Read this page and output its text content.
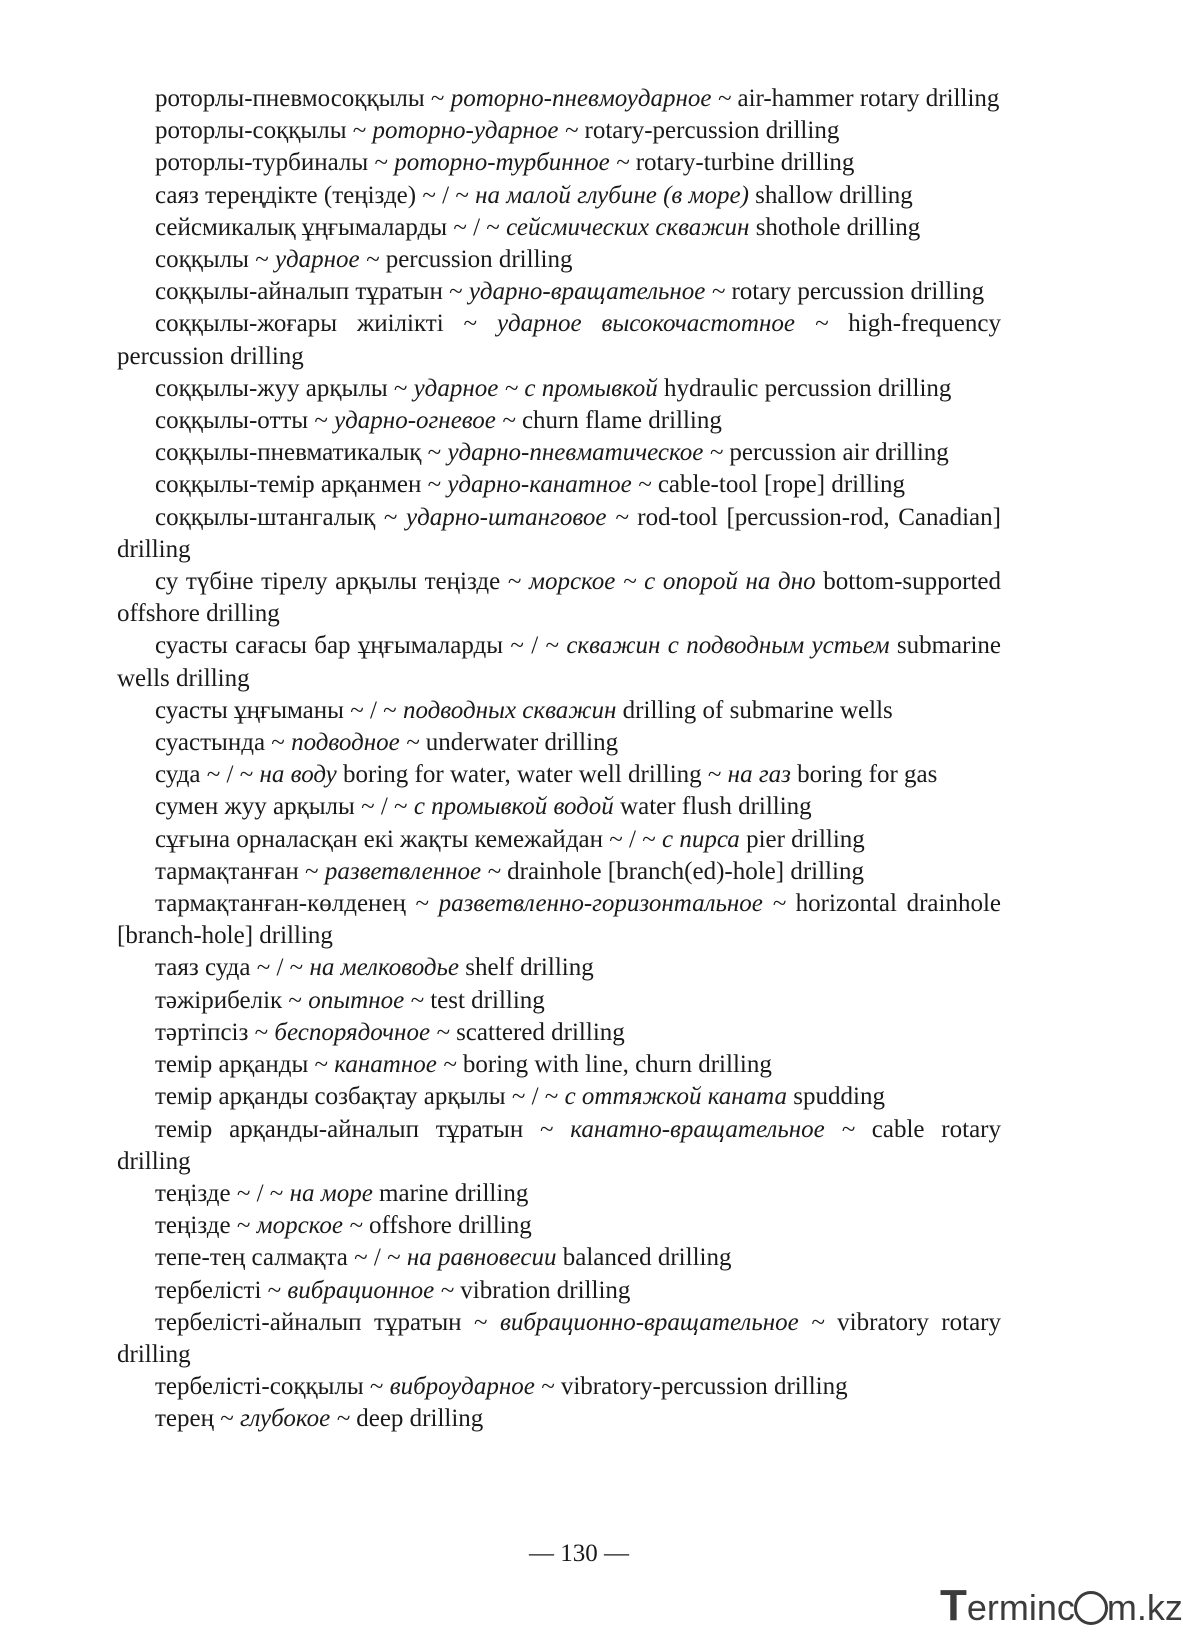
роторлы-пневмосоққылы ~ роторно-пневмоударное ~ air-hammer rotary drilling

роторлы-соққылы ~ роторно-ударное ~ rotary-percussion drilling

роторлы-турбиналы ~ роторно-турбинное ~ rotary-turbine drilling

саяз тереңдікте (теңізде) ~ / ~ на малой глубине (в море) shallow drilling

сейсмикалық ұңғымаларды ~ / ~ сейсмических скважин shothole drilling

соққылы ~ ударное ~ percussion drilling

соққылы-айналып тұратын ~ ударно-вращательное ~ rotary percussion drilling

соққылы-жоғары жиілікті ~ ударное высокочастотное ~ high-frequency percussion drilling

соққылы-жуу арқылы ~ ударное ~ с промывкой hydraulic percussion drilling

соққылы-отты ~ ударно-огневое ~ churn flame drilling

соққылы-пневматикалық ~ ударно-пневматическое ~ percussion air drilling

соққылы-темір арқанмен ~ ударно-канатное ~ cable-tool [rope] drilling

соққылы-штангалық ~ ударно-штанговое ~ rod-tool [percussion-rod, Canadian] drilling

су түбіне тірелу арқылы теңізде ~ морское ~ с опорой на дно bottom-supported offshore drilling

суасты сағасы бар ұңғымаларды ~ / ~ скважин с подводным устьем submarine wells drilling

суасты ұңғыманы ~ / ~ подводных скважин drilling of submarine wells

суастында ~ подводное ~ underwater drilling

суда ~ / ~ на воду boring for water, water well drilling ~ на газ boring for gas

сумен жуу арқылы ~ / ~ с промывкой водой water flush drilling

сұғына орналасқан екі жақты кемежайдан ~ / ~ с пирса pier drilling

тармақтанған ~ разветвленное ~ drainhole [branch(ed)-hole] drilling

тармақтанған-көлденең ~ разветвленно-горизонтальное ~ horizontal drainhole [branch-hole] drilling

таяз суда ~ / ~ на мелководье shelf drilling

тәжірибелік ~ опытное ~ test drilling

тәртіпсіз ~ беспорядочное ~ scattered drilling

темір арқанды ~ канатное ~ boring with line, churn drilling

темір арқанды созбақтау арқылы ~ / ~ с оттяжкой каната spudding

темір арқанды-айналып тұратын ~ канатно-вращательное ~ cable rotary drilling

теңізде ~ / ~ на море marine drilling

теңізде ~ морское ~ offshore drilling

тепе-тең салмақта ~ / ~ на равновесии balanced drilling

тербелісті ~ вибрационное ~ vibration drilling

тербелісті-айналып тұратын ~ вибрационно-вращательное ~ vibratory rotary drilling

тербелісті-соққылы ~ виброударное ~ vibratory-percussion drilling

терең ~ глубокое ~ deep drilling

— 130 —
Terminc m.kz
